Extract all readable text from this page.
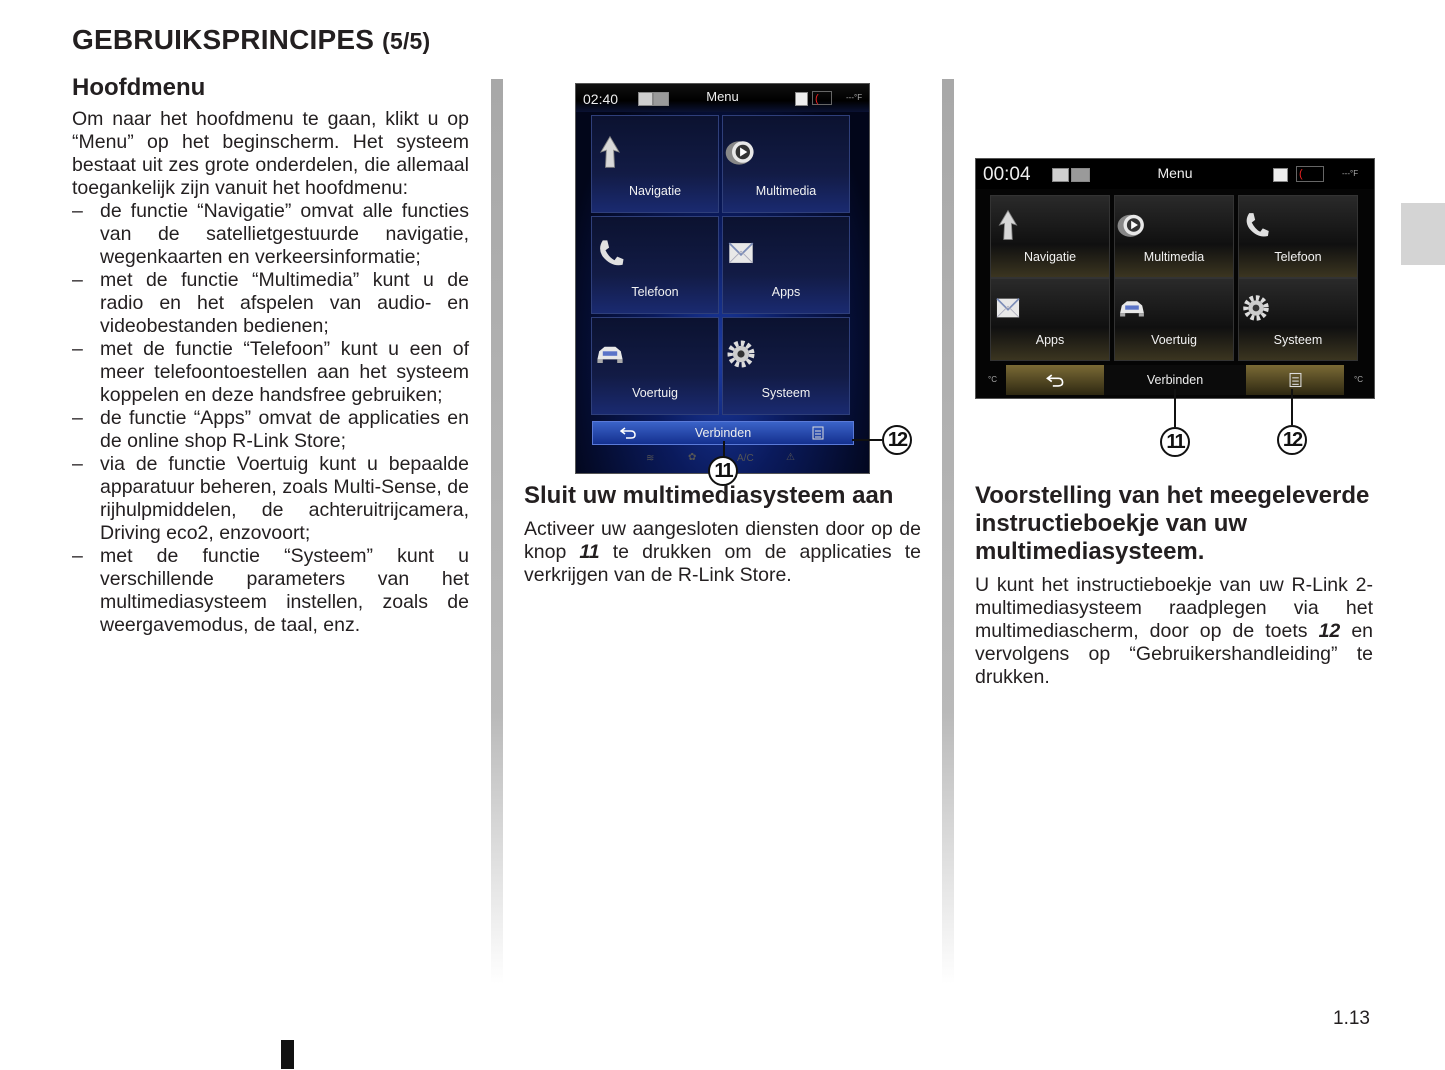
GEBRUIKSPRINCIPES (5/5)
Hoofdmenu

Om naar het hoofdmenu te gaan, klikt u op “Menu” op het beginscherm. Het systeem bestaat uit zes grote onderdelen, die allemaal toegankelijk zijn vanuit het hoofdmenu:

– de functie “Navigatie” omvat alle functies van de satellietgestuurde navigatie, wegenkaarten en verkeersinformatie;
– met de functie “Multimedia” kunt u de radio en het afspelen van audio- en videobestanden bedienen;
– met de functie “Telefoon” kunt u een of meer telefoontoestellen aan het systeem koppelen en deze handsfree gebruiken;
– de functie “Apps” omvat de applicaties en de online shop R-Link Store;
– via de functie Voertuig kunt u bepaalde apparatuur beheren, zoals Multi-Sense, de rijhulpmiddelen, de achteruitrijcamera, Driving eco2, enzovoort;
– met de functie “Systeem” kunt u verschillende parameters van het multimediasysteem instellen, zoals de weergavemodus, de taal, enz.
02:40	Menu	(	---°F
Navigatie	Multimedia
Telefoon	Apps
Voertuig	Systeem
Verbinden
≋	✿	A/C	⚠
12
11
Sluit uw multimediasysteem aan

Activeer uw aangesloten diensten door op de knop 11 te drukken om de applicaties te verkrijgen van de R-Link Store.

00:04	Menu	(	---°F
Navigatie	Multimedia	Telefoon
Apps	Voertuig	Systeem
°C	°C
Verbinden
11	12
Voorstelling van het meegeleverde instructieboekje van uw multimediasysteem.

U kunt het instructieboekje van uw R-Link 2-multimediasysteem raadplegen via het multimediascherm, door op de toets 12 en vervolgens op “Gebruikershandleiding” te drukken.

1.13
